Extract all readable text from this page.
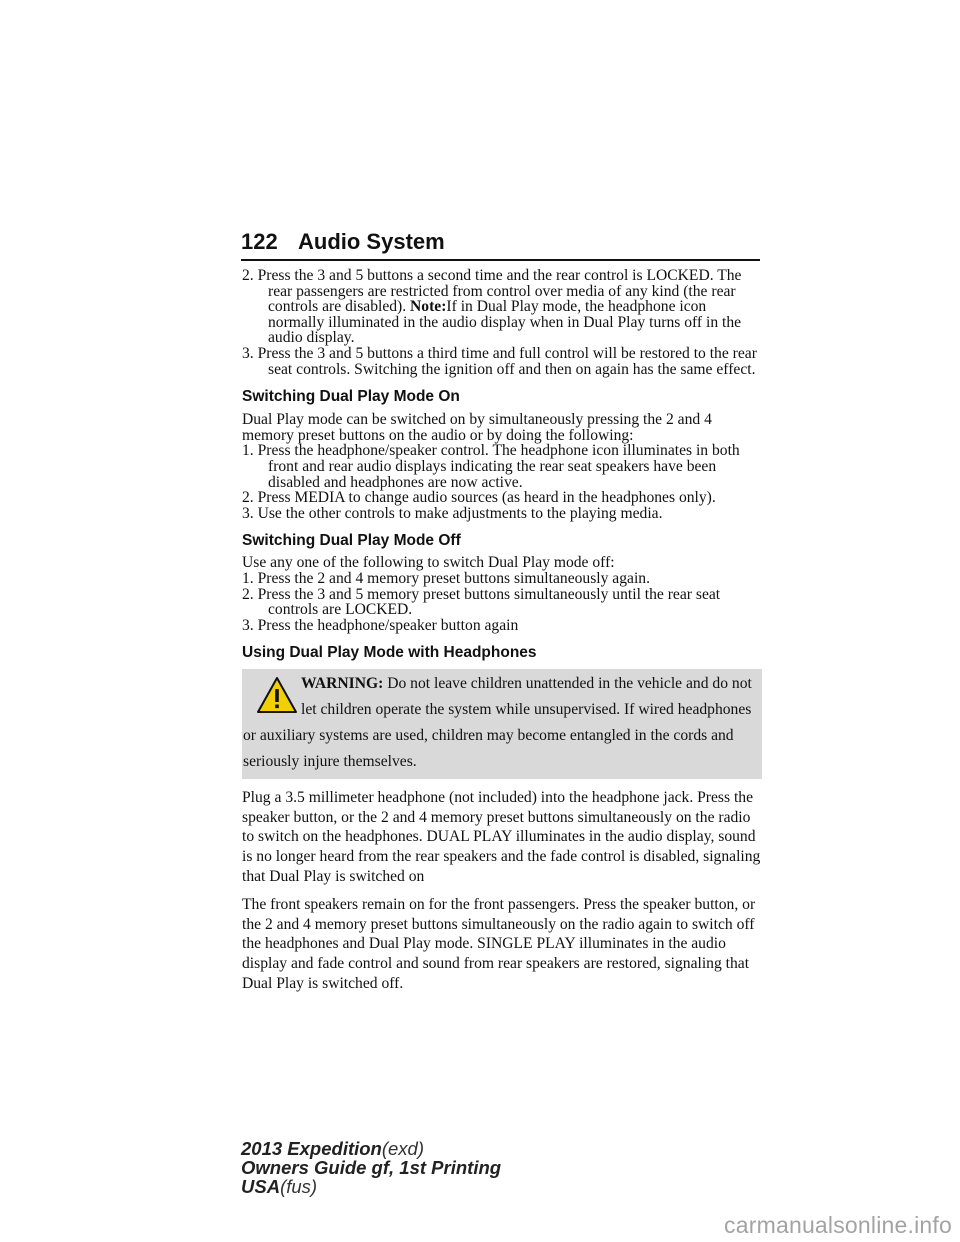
122 Audio System

2. Press the 3 and 5 buttons a second time and the rear control is LOCKED. The rear passengers are restricted from control over media of any kind (the rear controls are disabled). Note:If in Dual Play mode, the headphone icon normally illuminated in the audio display when in Dual Play turns off in the audio display.

3. Press the 3 and 5 buttons a third time and full control will be restored to the rear seat controls. Switching the ignition off and then on again has the same effect.

Switching Dual Play Mode On

Dual Play mode can be switched on by simultaneously pressing the 2 and 4 memory preset buttons on the audio or by doing the following:

1. Press the headphone/speaker control. The headphone icon illuminates in both front and rear audio displays indicating the rear seat speakers have been disabled and headphones are now active.

2. Press MEDIA to change audio sources (as heard in the headphones only).

3. Use the other controls to make adjustments to the playing media.

Switching Dual Play Mode Off

Use any one of the following to switch Dual Play mode off:

1. Press the 2 and 4 memory preset buttons simultaneously again.

2. Press the 3 and 5 memory preset buttons simultaneously until the rear seat controls are LOCKED.

3. Press the headphone/speaker button again

Using Dual Play Mode with Headphones
WARNING: Do not leave children unattended in the vehicle and do not let children operate the system while unsupervised. If wired headphones or auxiliary systems are used, children may become entangled in the cords and seriously injure themselves.

Plug a 3.5 millimeter headphone (not included) into the headphone jack. Press the speaker button, or the 2 and 4 memory preset buttons simultaneously on the radio to switch on the headphones. DUAL PLAY illuminates in the audio display, sound is no longer heard from the rear speakers and the fade control is disabled, signaling that Dual Play is switched on

The front speakers remain on for the front passengers. Press the speaker button, or the 2 and 4 memory preset buttons simultaneously on the radio again to switch off the headphones and Dual Play mode. SINGLE PLAY illuminates in the audio display and fade control and sound from rear speakers are restored, signaling that Dual Play is switched off.

2013 Expedition(exd)
Owners Guide gf, 1st Printing
USA(fus)
carmanualsonline.info
